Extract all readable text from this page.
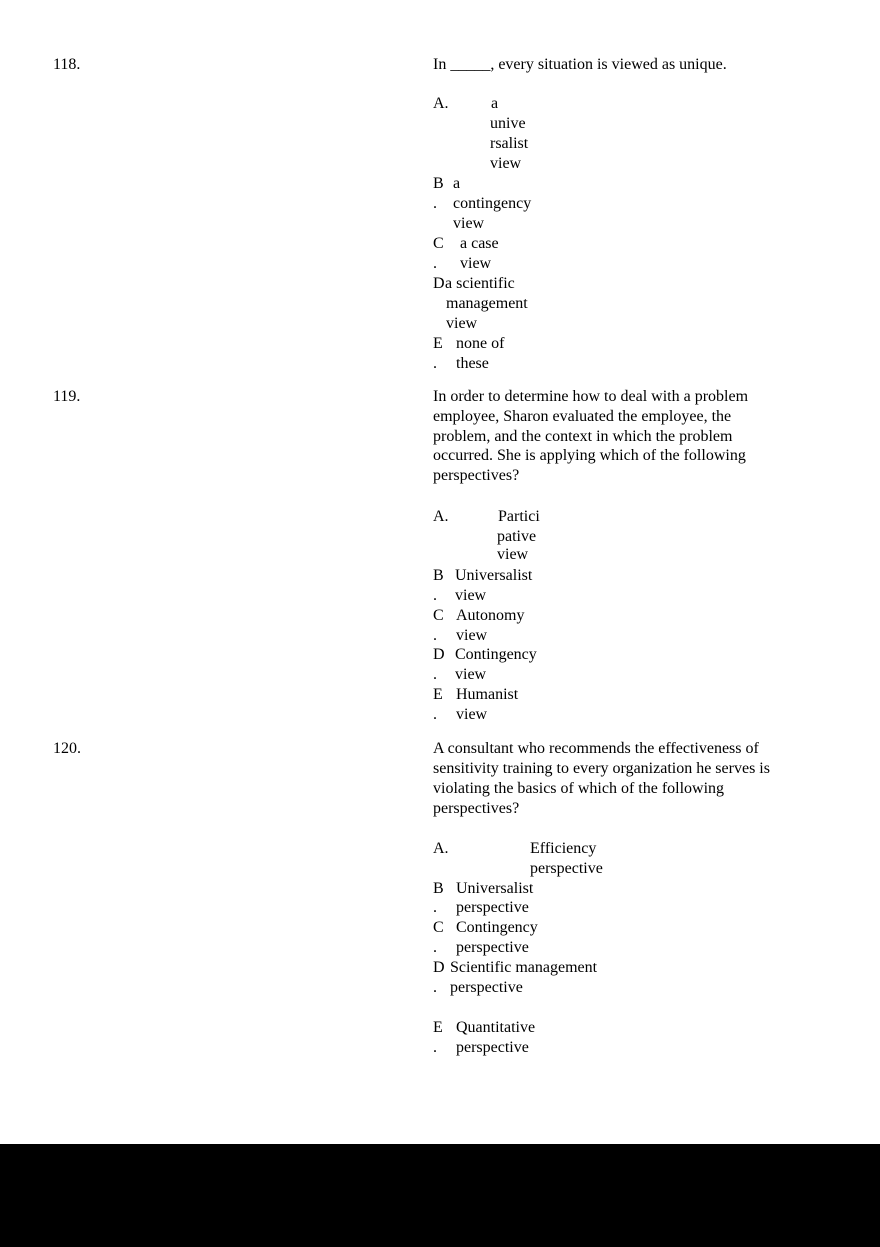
118.	In _____, every situation is viewed as unique.
A.	a
unive
rsalist
view
B
.
a
contingency
view
C
.
a case
view
D a scientific
management
view
E
.
none of
these
119.	In order to determine how to deal with a problem
employee, Sharon evaluated the employee, the
problem, and the context in which the problem
occurred. She is applying which of the following
perspectives?
A.	Partici
pative
view
B
.
Universalist
view
C
.
Autonomy
view
D
.
Contingency
view
E
.
Humanist
view
120.	A consultant who recommends the effectiveness of
sensitivity training to every organization he serves is
violating the basics of which of the following
perspectives?
A.	Efficiency
perspective
B
.
Universalist
perspective
C
.
Contingency
perspective
D
.
Scientific management
perspective
E
.
Quantitative
perspective
